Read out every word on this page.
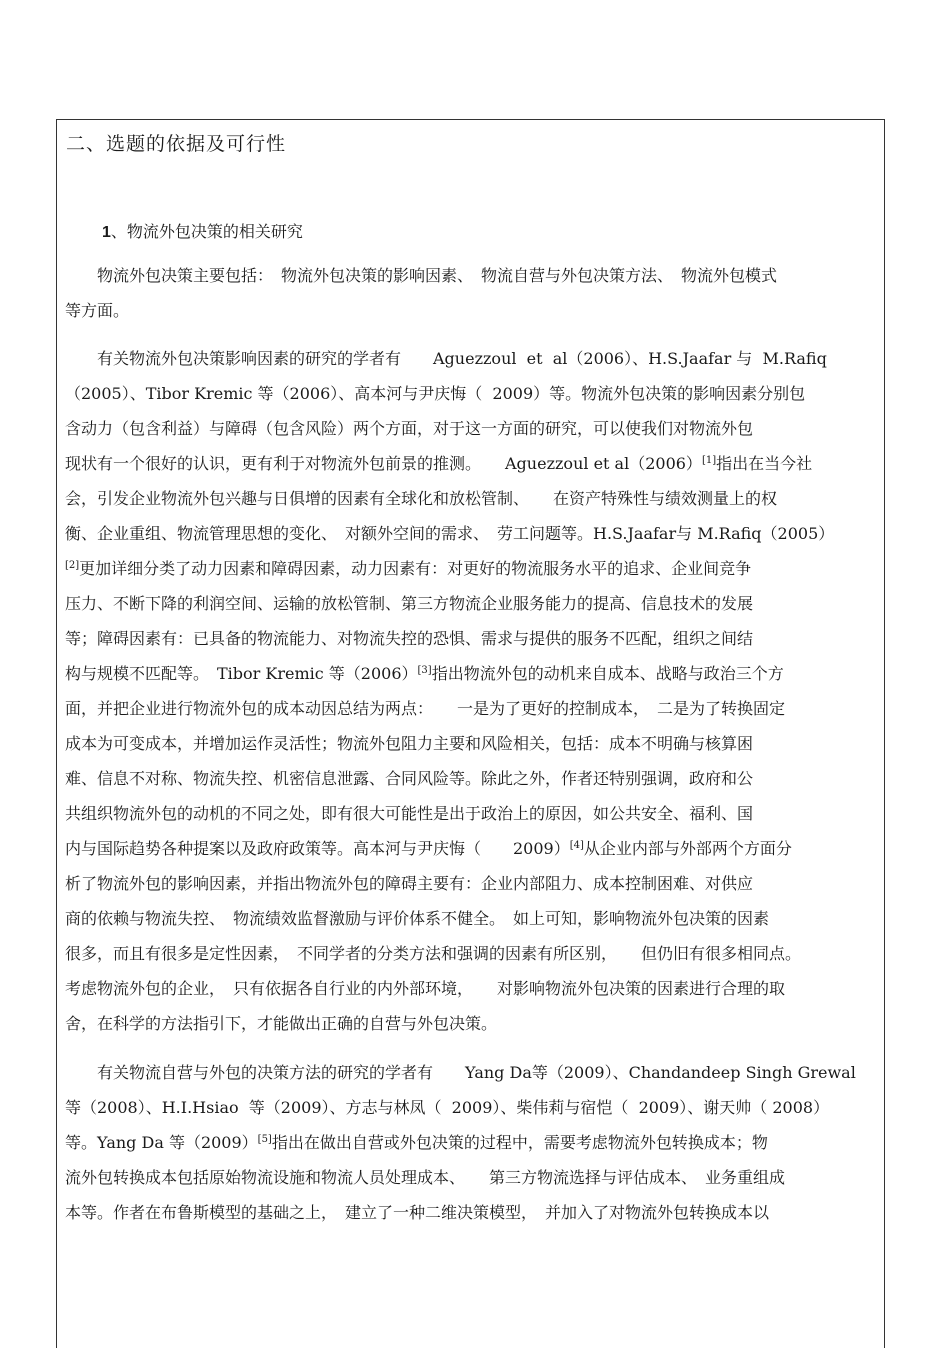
二、选题的依据及可行性
1、物流外包决策的相关研究
　　物流外包决策主要包括：　物流外包决策的影响因素、　物流自营与外包决策方法、　物流外包模式
等方面。
　　有关物流外包决策影响因素的研究的学者有　　Aguezzoul  et  al（2006）、H.S.Jaafar 与  M.Rafiq
（2005）、Tibor Kremic 等（2006）、高本河与尹庆悔（  2009）等。物流外包决策的影响因素分别包
含动力（包含利益）与障碍（包含风险）两个方面，对于这一方面的研究，可以使我们对物流外包
现状有一个很好的认识，更有利于对物流外包前景的推测。　　Aguezzoul et al（2006）[1]指出在当今社
会，引发企业物流外包兴趣与日俱增的因素有全球化和放松管制、　　在资产特殊性与绩效测量上的权
衡、企业重组、物流管理思想的变化、　对额外空间的需求、　劳工问题等。H.S.Jaafar与 M.Rafiq（2005）
[2]更加详细分类了动力因素和障碍因素，动力因素有：对更好的物流服务水平的追求、企业间竞争
压力、不断下降的利润空间、运输的放松管制、第三方物流企业服务能力的提高、信息技术的发展
等；障碍因素有：已具备的物流能力、对物流失控的恐惧、需求与提供的服务不匹配，组织之间结
构与规模不匹配等。　Tibor Kremic 等（2006）[3]指出物流外包的动机来自成本、战略与政治三个方
面，并把企业进行物流外包的成本动因总结为两点：　　一是为了更好的控制成本，　二是为了转换固定
成本为可变成本，并增加运作灵活性；物流外包阻力主要和风险相关，包括：成本不明确与核算困
难、信息不对称、物流失控、机密信息泄露、合同风险等。除此之外，作者还特别强调，政府和公
共组织物流外包的动机的不同之处，即有很大可能性是出于政治上的原因，如公共安全、福利、国
内与国际趋势各种提案以及政府政策等。高本河与尹庆悔（　　2009）[4]从企业内部与外部两个方面分
析了物流外包的影响因素，并指出物流外包的障碍主要有：企业内部阻力、成本控制困难、对供应
商的依赖与物流失控、　物流绩效监督激励与评价体系不健全。　如上可知，影响物流外包决策的因素
很多，而且有很多是定性因素，　不同学者的分类方法和强调的因素有所区别，　　但仍旧有很多相同点。
考虑物流外包的企业，　只有依据各自行业的内外部环境，　　对影响物流外包决策的因素进行合理的取
舍，在科学的方法指引下，才能做出正确的自营与外包决策。
　　有关物流自营与外包的决策方法的研究的学者有　　Yang Da等（2009）、Chandandeep Singh Grewal
等（2008）、H.I.Hsiao  等（2009）、方志与林凤（  2009）、柴伟莉与宿恺（  2009）、谢天帅（ 2008）
等。Yang Da 等（2009）[5]指出在做出自营或外包决策的过程中，需要考虑物流外包转换成本；物
流外包转换成本包括原始物流设施和物流人员处理成本、　　第三方物流选择与评估成本、　业务重组成
本等。作者在布鲁斯模型的基础之上，　建立了一种二维决策模型，　并加入了对物流外包转换成本以
